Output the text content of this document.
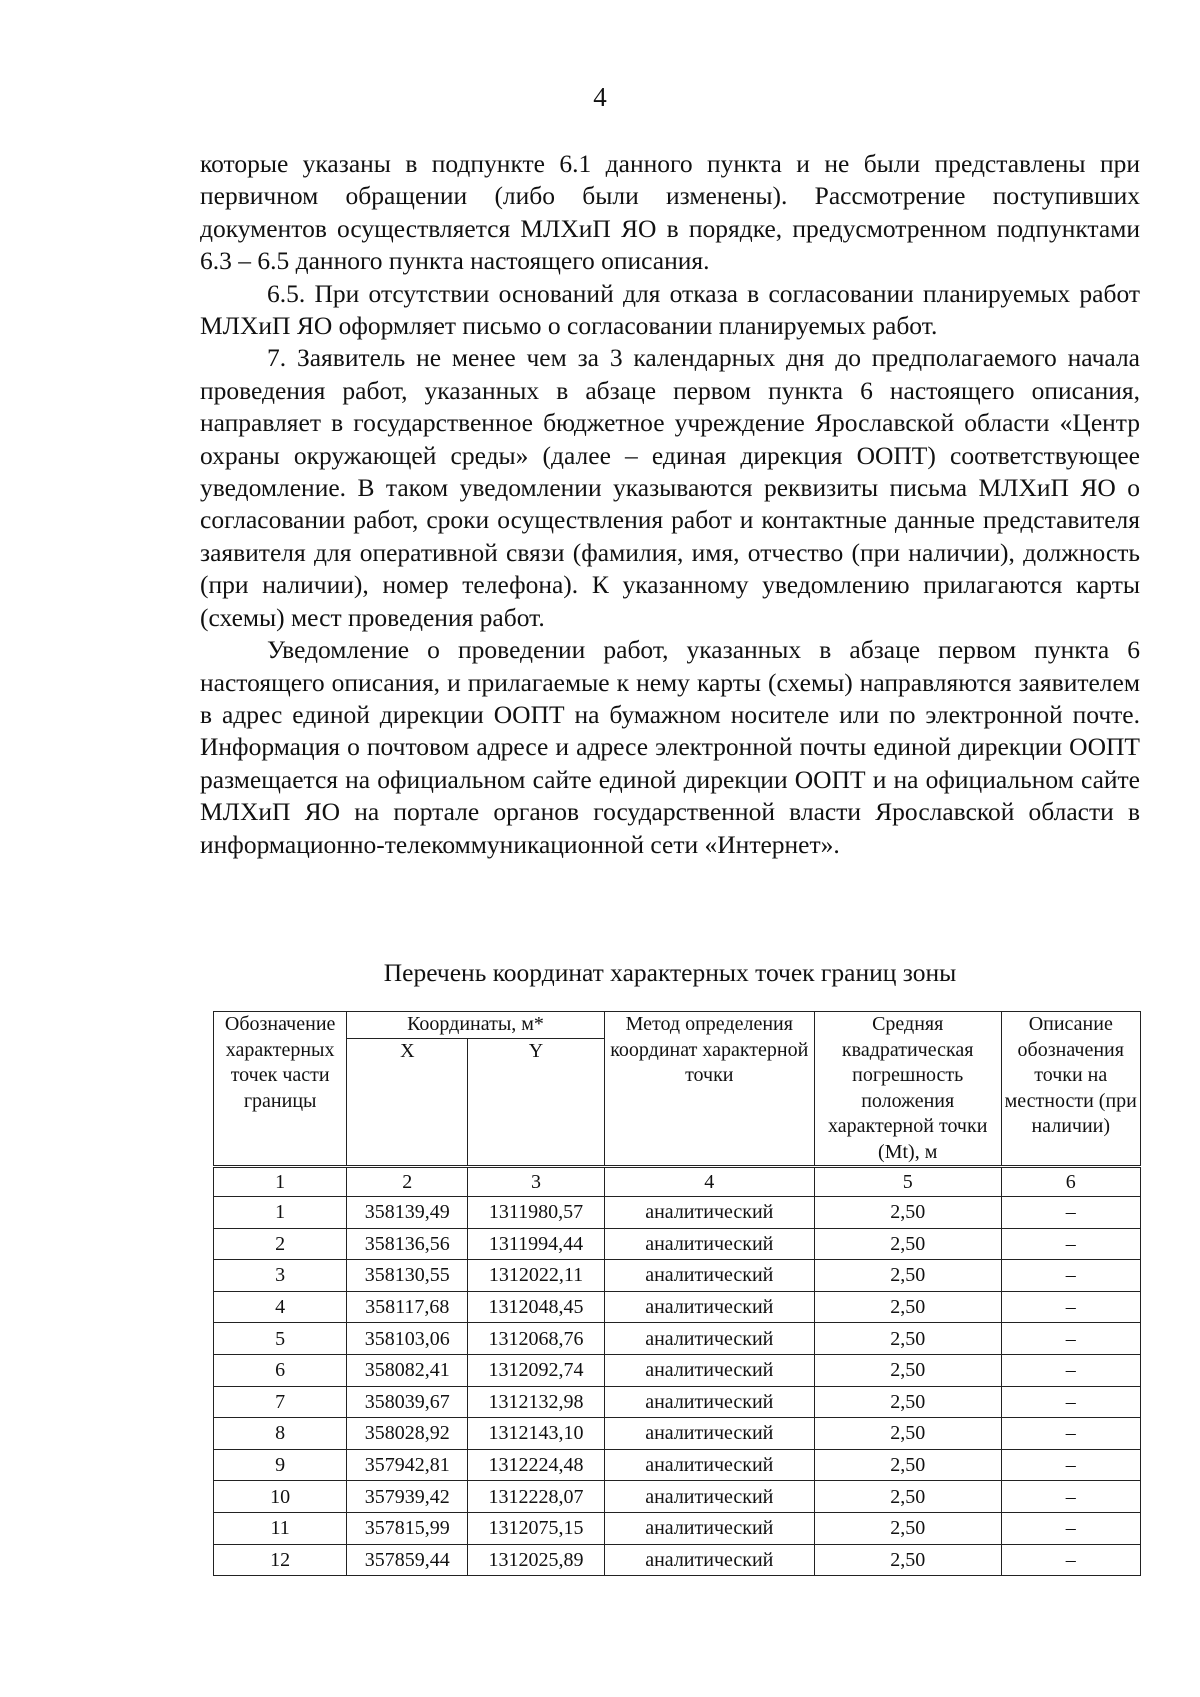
4

которые указаны в подпункте 6.1 данного пункта и не были представлены при первичном обращении (либо были изменены). Рассмотрение поступивших документов осуществляется МЛХиП ЯО в порядке, предусмотренном подпунктами 6.3 – 6.5 данного пункта настоящего описания.

6.5. При отсутствии оснований для отказа в согласовании планируемых работ МЛХиП ЯО оформляет письмо о согласовании планируемых работ.

7. Заявитель не менее чем за 3 календарных дня до предполагаемого начала проведения работ, указанных в абзаце первом пункта 6 настоящего описания, направляет в государственное бюджетное учреждение Ярославской области «Центр охраны окружающей среды» (далее – единая дирекция ООПТ) соответствующее уведомление. В таком уведомлении указываются реквизиты письма МЛХиП ЯО о согласовании работ, сроки осуществления работ и контактные данные представителя заявителя для оперативной связи (фамилия, имя, отчество (при наличии), должность (при наличии), номер телефона). К указанному уведомлению прилагаются карты (схемы) мест проведения работ.

Уведомление о проведении работ, указанных в абзаце первом пункта 6 настоящего описания, и прилагаемые к нему карты (схемы) направляются заявителем в адрес единой дирекции ООПТ на бумажном носителе или по электронной почте. Информация о почтовом адресе и адресе электронной почты единой дирекции ООПТ размещается на официальном сайте единой дирекции ООПТ и на официальном сайте МЛХиП ЯО на портале органов государственной власти Ярославской области в информационно-телекоммуникационной сети «Интернет».

Перечень координат характерных точек границ зоны
Обозначение характерных точек части границы	Координаты, м*		Метод определения координат характерной точки	Средняя квадратическая погрешность положения характерной точки (Mt), м	Описание обозначения точки на местности (при наличии)
	X	Y			
1	2	3	4	5	6
1	358139,49	1311980,57	аналитический	2,50	–
2	358136,56	1311994,44	аналитический	2,50	–
3	358130,55	1312022,11	аналитический	2,50	–
4	358117,68	1312048,45	аналитический	2,50	–
5	358103,06	1312068,76	аналитический	2,50	–
6	358082,41	1312092,74	аналитический	2,50	–
7	358039,67	1312132,98	аналитический	2,50	–
8	358028,92	1312143,10	аналитический	2,50	–
9	357942,81	1312224,48	аналитический	2,50	–
10	357939,42	1312228,07	аналитический	2,50	–
11	357815,99	1312075,15	аналитический	2,50	–
12	357859,44	1312025,89	аналитический	2,50	–
